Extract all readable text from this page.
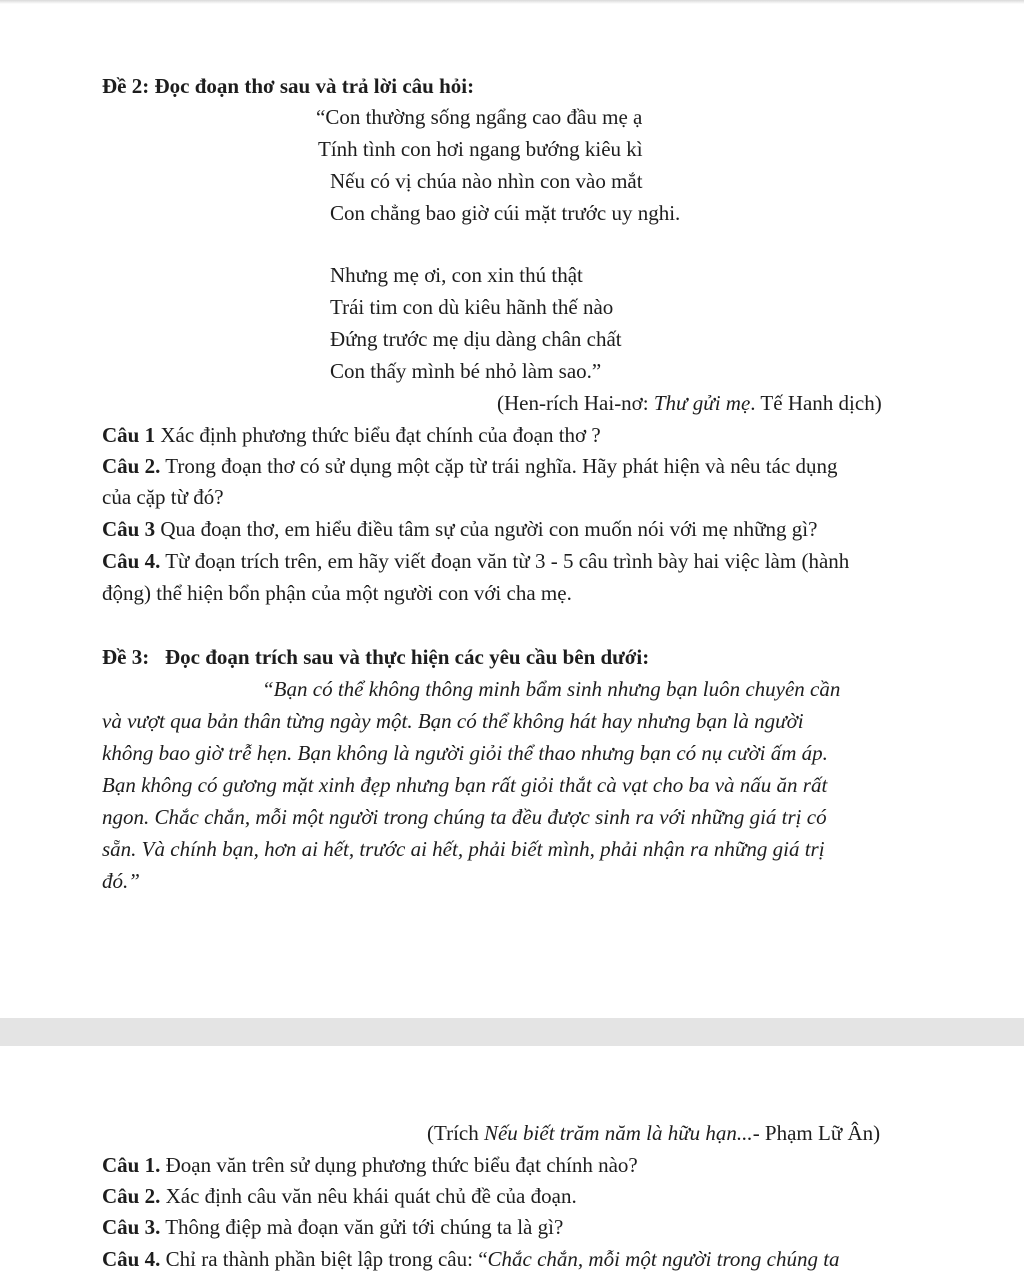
Đề 2: Đọc đoạn thơ sau và trả lời câu hỏi:
“Con thường sống ngẩng cao đầu mẹ ạ
Tính tình con hơi ngang bướng kiêu kì
Nếu có vị chúa nào nhìn con vào mắt
Con chẳng bao giờ cúi mặt trước uy nghi.
Nhưng mẹ ơi, con xin thú thật
Trái tim con dù kiêu hãnh thế nào
Đứng trước mẹ dịu dàng chân chất
Con thấy mình bé nhỏ làm sao.”
(Hen-rích Hai-nơ: Thư gửi mẹ. Tế Hanh dịch)
Câu 1 Xác định phương thức biểu đạt chính của đoạn thơ ?
Câu 2. Trong đoạn thơ có sử dụng một cặp từ trái nghĩa. Hãy phát hiện và nêu tác dụng
của cặp từ đó?
Câu 3 Qua đoạn thơ, em hiểu điều tâm sự của người con muốn nói với mẹ những gì?
Câu 4. Từ đoạn trích trên, em hãy viết đoạn văn từ 3 - 5 câu trình bày hai việc làm (hành
động) thể hiện bổn phận của một người con với cha mẹ.
Đề 3:   Đọc đoạn trích sau và thực hiện các yêu cầu bên dưới:
“Bạn có thể không thông minh bẩm sinh nhưng bạn luôn chuyên cần
và vượt qua bản thân từng ngày một. Bạn có thể không hát hay nhưng bạn là người
không bao giờ trễ hẹn. Bạn không là người giỏi thể thao nhưng bạn có nụ cười ấm áp.
Bạn không có gương mặt xinh đẹp nhưng bạn rất giỏi thắt cà vạt cho ba và nấu ăn rất
ngon. Chắc chắn, mỗi một người trong chúng ta đều được sinh ra với những giá trị có
sẵn. Và chính bạn, hơn ai hết, trước ai hết, phải biết mình, phải nhận ra những giá trị
đó.”
(Trích Nếu biết trăm năm là hữu hạn...- Phạm Lữ Ân)
Câu 1. Đoạn văn trên sử dụng phương thức biểu đạt chính nào?
Câu 2. Xác định câu văn nêu khái quát chủ đề của đoạn.
Câu 3. Thông điệp mà đoạn văn gửi tới chúng ta là gì?
Câu 4. Chỉ ra thành phần biệt lập trong câu: “Chắc chắn, mỗi một người trong chúng ta
